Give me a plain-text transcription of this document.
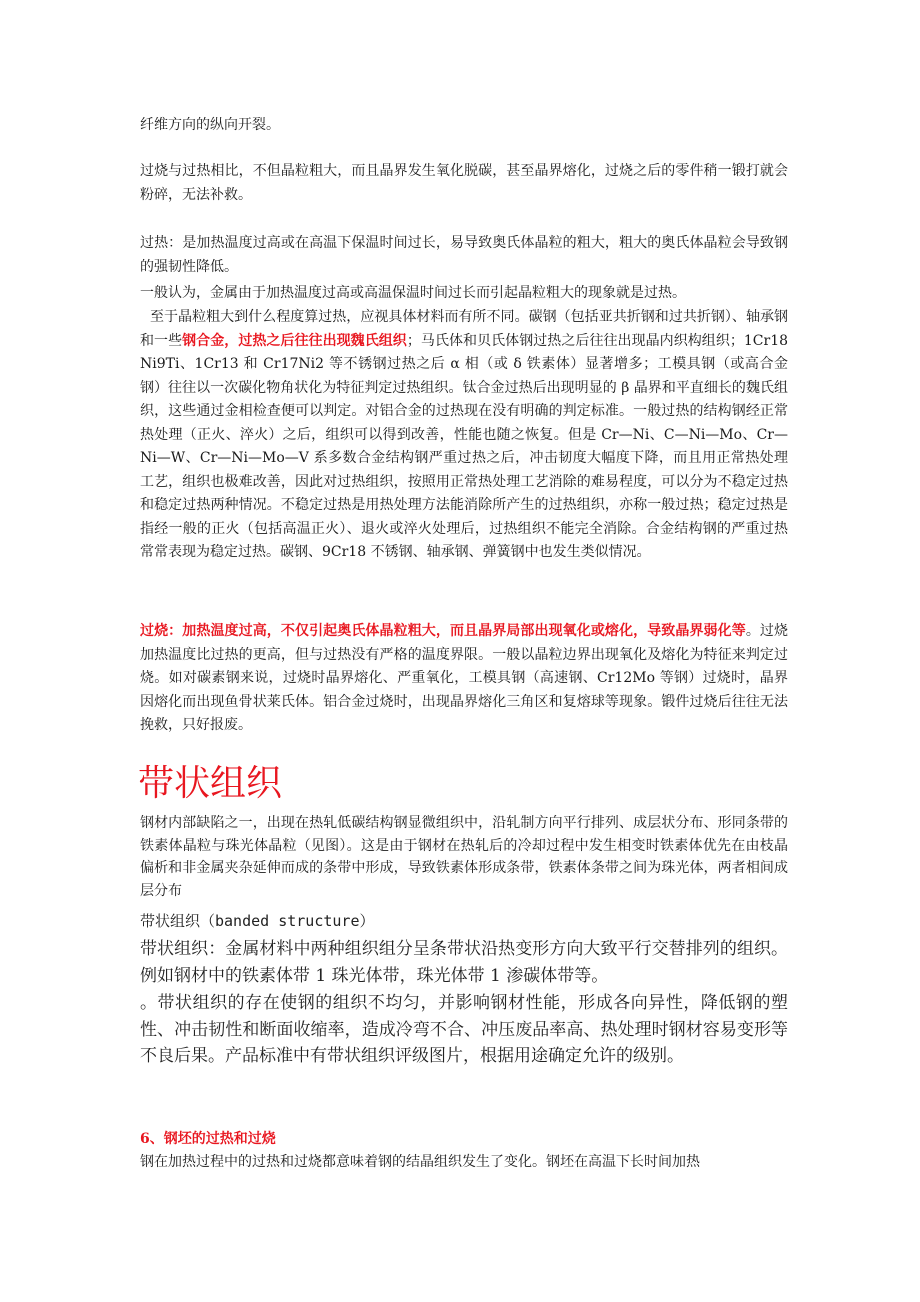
纤维方向的纵向开裂。

过烧与过热相比，不但晶粒粗大，而且晶界发生氧化脱碳，甚至晶界熔化，过烧之后的零件稍一锻打就会粉碎，无法补救。

过热：是加热温度过高或在高温下保温时间过长，易导致奥氏体晶粒的粗大，粗大的奥氏体晶粒会导致钢的强韧性降低。

一般认为，金属由于加热温度过高或高温保温时间过长而引起晶粒粗大的现象就是过热。

至于晶粒粗大到什么程度算过热，应视具体材料而有所不同。碳钢（包括亚共折钢和过共折钢）、轴承钢和一些钢合金，过热之后往往出现魏氏组织；马氏体和贝氏体钢过热之后往往出现晶内织构组织；1Cr18Ni9Ti、1Cr13 和 Cr17Ni2 等不锈钢过热之后 α 相（或 δ 铁素体）显著增多；工模具钢（或高合金钢）往往以一次碳化物角状化为特征判定过热组织。钛合金过热后出现明显的 β 晶界和平直细长的魏氏组织，这些通过金相检查便可以判定。对铝合金的过热现在没有明确的判定标准。一般过热的结构钢经正常热处理（正火、淬火）之后，组织可以得到改善，性能也随之恢复。但是 Cr—Ni、C—Ni—Mo、Cr—Ni—W、Cr—Ni—Mo—V 系多数合金结构钢严重过热之后，冲击韧度大幅度下降，而且用正常热处理工艺，组织也极难改善，因此对过热组织，按照用正常热处理工艺消除的难易程度，可以分为不稳定过热和稳定过热两种情况。不稳定过热是用热处理方法能消除所产生的过热组织，亦称一般过热；稳定过热是指经一般的正火（包括高温正火）、退火或淬火处理后，过热组织不能完全消除。合金结构钢的严重过热常常表现为稳定过热。碳钢、9Cr18 不锈钢、轴承钢、弹簧钢中也发生类似情况。

过烧：加热温度过高，不仅引起奥氏体晶粒粗大，而且晶界局部出现氧化或熔化，导致晶界弱化等。过烧加热温度比过热的更高，但与过热没有严格的温度界限。一般以晶粒边界出现氧化及熔化为特征来判定过烧。如对碳素钢来说，过烧时晶界熔化、严重氧化，工模具钢（高速钢、Cr12Mo 等钢）过烧时，晶界因熔化而出现鱼骨状莱氏体。铝合金过烧时，出现晶界熔化三角区和复熔球等现象。锻件过烧后往往无法挽救，只好报废。

带状组织

钢材内部缺陷之一，出现在热轧低碳结构钢显微组织中，沿轧制方向平行排列、成层状分布、形同条带的铁素体晶粒与珠光体晶粒（见图）。这是由于钢材在热轧后的冷却过程中发生相变时铁素体优先在由枝晶偏析和非金属夹杂延伸而成的条带中形成，导致铁素体形成条带，铁素体条带之间为珠光体，两者相间成层分布

带状组织（banded structure）

带状组织：金属材料中两种组织组分呈条带状沿热变形方向大致平行交替排列的组织。例如钢材中的铁素体带 1 珠光体带，珠光体带 1 渗碳体带等。

。带状组织的存在使钢的组织不均匀，并影响钢材性能，形成各向异性，降低钢的塑性、冲击韧性和断面收缩率，造成冷弯不合、冲压废品率高、热处理时钢材容易变形等不良后果。产品标准中有带状组织评级图片，根据用途确定允许的级别。

6、钢坯的过热和过烧

钢在加热过程中的过热和过烧都意味着钢的结晶组织发生了变化。钢坯在高温下长时间加热
